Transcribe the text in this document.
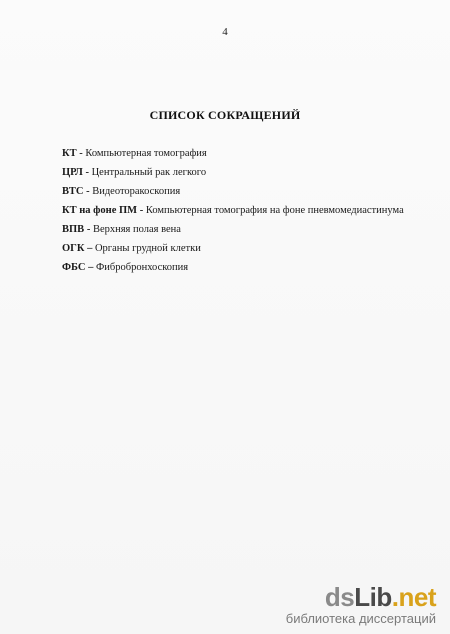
4
СПИСОК СОКРАЩЕНИЙ
КТ - Компьютерная томография
ЦРЛ - Центральный рак легкого
ВТС - Видеоторакоскопия
КТ на фоне ПМ - Компьютерная томография на фоне пневмомедиастинума
ВПВ - Верхняя полая вена
ОГК – Органы грудной клетки
ФБС – Фибробронхоскопия
dsLib.net
библиотека диссертаций
